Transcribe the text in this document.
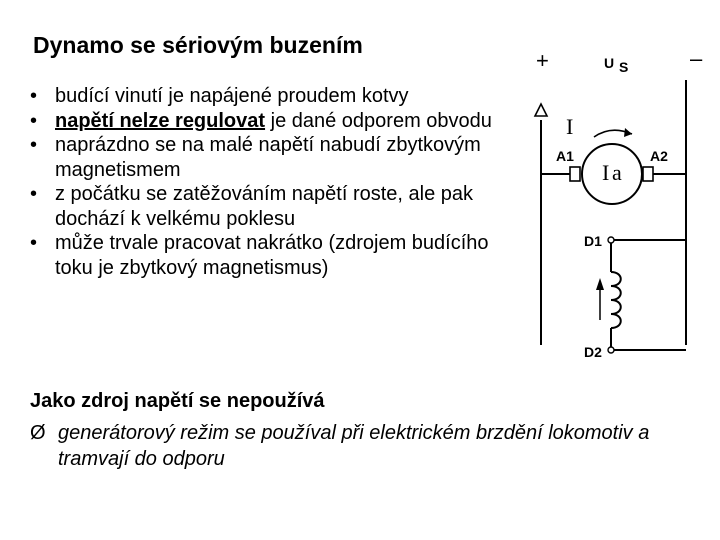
Dynamo se sériovým buzením
• budící vinutí je napájené proudem kotvy
• napětí nelze regulovat je dané odporem obvodu
• naprázdno se na malé napětí nabudí zbytkovým magnetismem
• z počátku se zatěžováním napětí roste, ale pak dochází k velkému poklesu
• může trvale pracovat nakrátko (zdrojem budícího toku je zbytkový magnetismus)
Jako zdroj napětí se nepoužívá
Ø generátorový režim se používal při elektrickém brzdění lokomotiv a tramvají do odporu
+	–
U S
I
A1	A2
I a
D1
D2
